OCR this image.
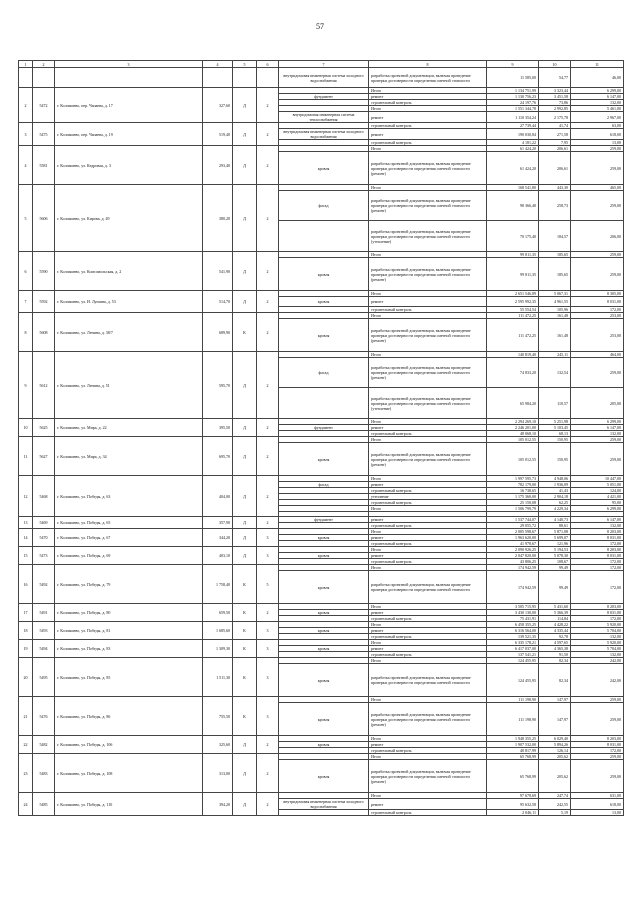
57
1	2	3	4	5	6	7	8	9	10	11
						внутридомовая инженерная система холодного водоснабжения	разработка проектной документации, включая проведение проверки достоверности определения сметной стоимости	11 585,00	54,77	46,00
2	5472	г. Колпашево, пер. Чапаева, д. 17	327,60	Д	2		Итого	1 134 751,99	3 323,44	6 299,00
						фундамент	ремонт	1 130 756,23	3 451,58	6 147,00
							строительный контроль	24 197,76	73,86	132,00
							Итого	1 551 344,78	2 992,85	5 461,00
						внутридомовая инженерная система теплоснабжения	ремонт	1 110 354,24	2 175,78	2 967,00
3	5475	г. Колпашево, пер. Чапаева, д. 19	519,40	Д	2		строительный контроль	27 739,44	41,74	63,00
						внутридомовая инженерная система холодного водоснабжения	ремонт	190 030,84	271,58	618,00
							строительный контроль	4 181,22	7,95	13,00
4	5581	г. Колпашево, ул. Кедровая, д. 3	293,40	Д	2		Итого	61 424,20	206,61	259,00
						кровля	разработка проектной документации, включая проведение проверки достоверности определения сметной стоимости (ремонт)	61 424,20	206,61	259,00
5	5606	г. Колпашево, ул. Кирова, д. 49	380,20	Д	2		Итого	168 541,80	443,30	465,00
						фасад	разработка проектной документации, включая проведение проверки достоверности определения сметной стоимости (ремонт)	98 366,40	258,73	259,00
							разработка проектной документации, включая проведение проверки достоверности определения сметной стоимости (утепление)	70 175,40	184,57	206,00
6	5590	г. Колпашево, ул. Комсомольская, д. 2	541,90	Д	2		Итого	99 811,35	185,65	259,00
						кровля	разработка проектной документации, включая проведение проверки достоверности определения сметной стоимости (ремонт)	99 811,35	185,65	259,00
7	5592	г. Колпашево, ул. И. Лушина, д. 53	514,70	Д	2		Итого	2 651 546,89	5 067,31	8 305,00
						кровля	ремонт	2 595 992,35	4 961,55	8 031,00
							строительный контроль	55 554,54	105,96	172,00
8	5608	г. Колпашево, ул. Ленина, д. 38/7	689,90	К	2		Итого	111 472,25	161,48	253,00
						кровля	разработка проектной документации, включая проведение проверки достоверности определения сметной стоимости (ремонт)	111 472,25	161,48	253,00
9	5612	г. Колпашево, ул. Ленина, д. 51	595,70	Д	2		Итого	140 819,40	245,11	464,00
						фасад	разработка проектной документации, включая проведение проверки достоверности определения сметной стоимости (ремонт)	74 833,20	132,54	259,00
							разработка проектной документации, включая проведение проверки достоверности определения сметной стоимости (утепление)	65 984,20	110,57	205,00
10	5625	г. Колпашево, ул. Мира, д. 22	395,50	Д	2		Итого	2 294 269,10	5 251,98	6 299,00
						фундамент	ремонт	2 246 201,00	5 103,45	6 147,00
							строительный контроль	48 068,10	68,13	132,00
11	5627	г. Колпашево, ул. Мира, д. 34	695,70	Д	2		Итого	105 012,55	150,95	259,00
						кровля	разработка проектной документации, включая проведение проверки достоверности определения сметной стоимости (ремонт)	105 012,55	150,95	259,00
12	5468	г. Колпашево, ул. Победы, д. 63	404,00	Д	2		Итого	1 997 595,73	4 948,06	10 447,00
						фасад	ремонт	782 179,00	1 936,09	5 051,00
							строительный контроль	16 738,65	41,43	124,00
							утепление	1 175 360,00	2 904,18	4 421,00
							строительный контроль	25 150,08	62,25	95,00
							Итого	1 506 799,79	4 229,34	6 299,00

13	5469	г. Колпашево, ул. Победы, д. 65	357,90	Д	2	фундамент	ремонт	1 537 744,07	4 140,73	6 147,00
							строительный контроль	29 055,72	88,61	132,00
14	5470	г. Колпашево, ул. Победы, д. 67	344,20	Д	3		Итого	2 005 598,67	5 871,08	8 203,00
						кровля	ремонт	1 963 620,00	5 699,07	8 031,00
							строительный контроль	41 978,67	121,96	172,00
15	5473	г. Колпашево, ул. Победы, д. 69	403,10	Д	3		Итого	2 090 926,25	5 194,53	8 203,00
						кровля	ремонт	2 047 820,00	5 078,30	8 031,00
							строительный контроль	43 806,25	108,67	172,00
16	5492	г. Колпашево, ул. Победы, д. 79	1 758,40	К	5		Итого	174 942,59	99,49	172,00
						кровля	разработка проектной документации, включая проведение проверки достоверности определения сметной стоимости	174 942,59	99,49	172,00
17	5491	г. Колпашево, ул. Победы, д. 80	659,50	К	2		Итого	3 505 715,95	5 431,60	8 203,00
						кровля	ремонт	3 430 130,00	5 366,39	8 031,00
							строительный контроль	75 431,91	114,84	172,00
18	5493	г. Колпашево, ул. Победы, д. 81	1 685,60	К	3		Итого	6 458 355,25	4 428,22	5 920,00
						кровля	ремонт	6 316 564,00	4 335,44	5 704,00
							строительный контроль	139 521,35	92,78	132,00
19	5494	г. Колпашево, ул. Победы, д. 83	1 309,30	К	3		Итого	6 335 178,21	4 597,65	5 920,00
						кровля	ремонт	6 417 037,00	4 365,38	5 704,00
							строительный контроль	137 541,21	91,50	132,00
20	5495	г. Колпашево, ул. Победы, д. 85	1 511,30	К	3		Итого	124 455,95	82,34	242,00
						кровля	разработка проектной документации, включая проведение проверки достоверности определения сметной стоимости	124 455,95	82,34	242,00
21	5476	г. Колпашево, ул. Победы, д. 86	755,50	К	3		Итого	111 198,90	147,97	259,00
						кровля	разработка проектной документации, включая проведение проверки достоверности определения сметной стоимости (ремонт)	111 198,90	147,97	259,00
22	5482	г. Колпашево, ул. Победы, д. 106	325,60	Д	2		Итого	1 948 355,25	6 029,40	8 203,00
						кровля	ремонт	1 907 532,00	5 894,26	8 031,00
							строительный контроль	40 817,99	126,14	172,00
23	5483	г. Колпашево, ул. Победы, д. 108	313,00	Д	2		Итого	65 768,99	205,62	259,00
						кровля	разработка проектной документации, включая проведение проверки достоверности определения сметной стоимости (ремонт)	65 768,99	205,62	259,00
24	5485	г. Колпашево, ул. Победы, д. 110	394,20	Д	2		Итого	97 678,69	247,74	631,00
						внутридомовая инженерная система холодного водоснабжения	ремонт	95 632,58	242,55	618,00
							строительный контроль	2 046,11	5,19	13,00
